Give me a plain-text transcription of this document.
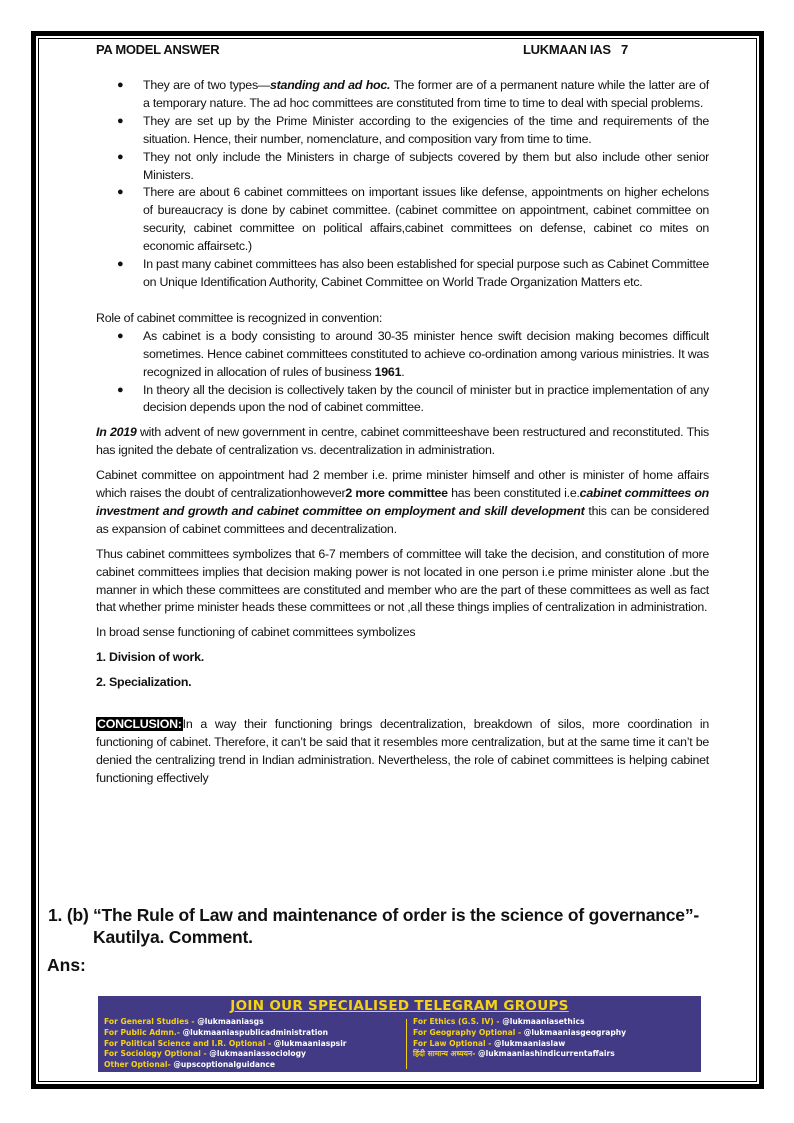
PA MODEL ANSWER	LUKMAAN IAS 7
● They are of two types—standing and ad hoc. The former are of a permanent nature while the latter are of a temporary nature. The ad hoc committees are constituted from time to time to deal with special problems.
● They are set up by the Prime Minister according to the exigencies of the time and requirements of the situation. Hence, their number, nomenclature, and composition vary from time to time.
● They not only include the Ministers in charge of subjects covered by them but also include other senior Ministers.
● There are about 6 cabinet committees on important issues like defense, appointments on higher echelons of bureaucracy is done by cabinet committee. (cabinet committee on appointment, cabinet committee on security, cabinet committee on political affairs,cabinet committees on defense, cabinet co mites on economic affairsetc.)
● In past many cabinet committees has also been established for special purpose such as Cabinet Committee on Unique Identification Authority, Cabinet Committee on World Trade Organization Matters etc.

Role of cabinet committee is recognized in convention:

● As cabinet is a body consisting to around 30-35 minister hence swift decision making becomes difficult sometimes. Hence cabinet committees constituted to achieve co-ordination among various ministries. It was recognized in allocation of rules of business 1961.
● In theory all the decision is collectively taken by the council of minister but in practice implementation of any decision depends upon the nod of cabinet committee.

In 2019 with advent of new government in centre, cabinet committeeshave been restructured and reconstituted. This has ignited the debate of centralization vs. decentralization in administration.

Cabinet committee on appointment had 2 member i.e. prime minister himself and other is minister of home affairs which raises the doubt of centralizationhowever2 more committee has been constituted i.e.cabinet committees on investment and growth and cabinet committee on employment and skill development this can be considered as expansion of cabinet committees and decentralization.

Thus cabinet committees symbolizes that 6-7 members of committee will take the decision, and constitution of more cabinet committees implies that decision making power is not located in one person i.e prime minister alone .but the manner in which these committees are constituted and member who are the part of these committees as well as fact that whether prime minister heads these committees or not ,all these things implies of centralization in administration.

In broad sense functioning of cabinet committees symbolizes

1. Division of work.

2. Specialization.

CONCLUSION:In a way their functioning brings decentralization, breakdown of silos, more coordination in functioning of cabinet. Therefore, it can’t be said that it resembles more centralization, but at the same time it can’t be denied the centralizing trend in Indian administration. Nevertheless, the role of cabinet committees is helping cabinet functioning effectively

1. (b) “The Rule of Law and maintenance of order is the science of governance”- Kautilya. Comment.
Ans:
JOIN OUR SPECIALISED TELEGRAM GROUPS
For General Studies - @lukmaaniasgs
For Public Admn.- @lukmaaniaspublicadministration
For Political Science and I.R. Optional - @lukmaaniaspsir
For Sociology Optional - @lukmaaniassociology
Other Optional- @upscoptionalguidance
For Ethics (G.S. IV) - @lukmaaniasethics
For Geography Optional - @lukmaaniasgeography
For Law Optional - @lukmaaniaslaw
हिंदी सामान्य अध्ययन- @lukmaaniashindicurrentaffairs
